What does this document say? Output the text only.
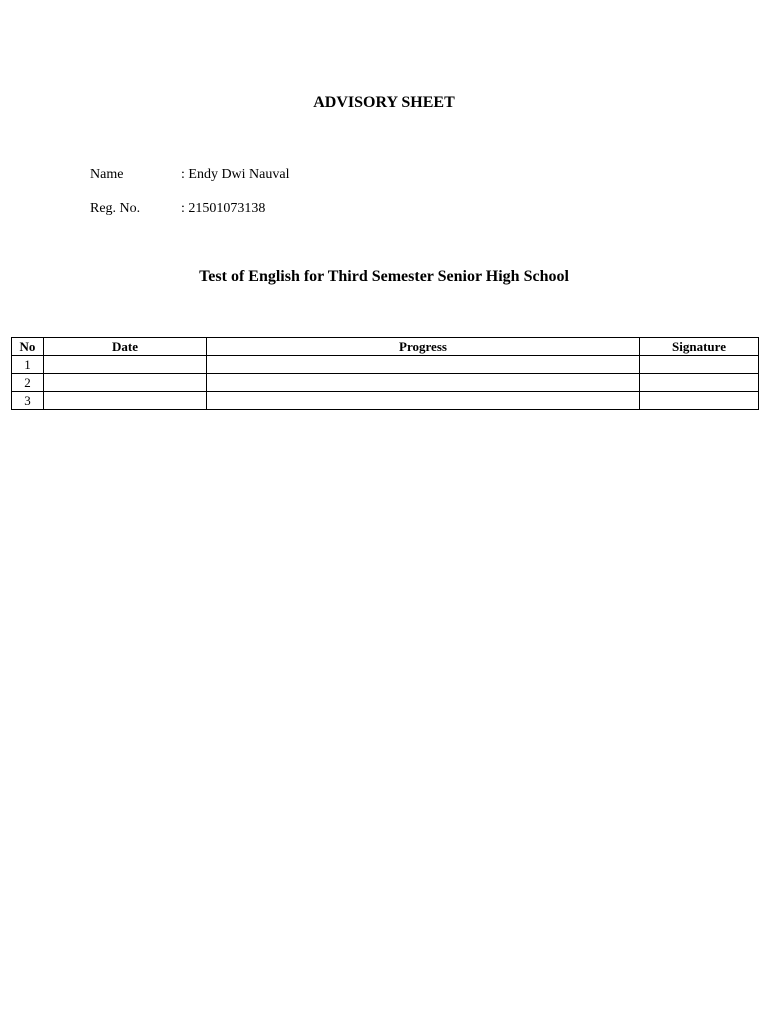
ADVISORY SHEET
Name	: Endy Dwi Nauval
Reg. No.	: 21501073138
Test of English for Third Semester Senior High School
No	Date	Progress	Signature
1			
2			
3			
